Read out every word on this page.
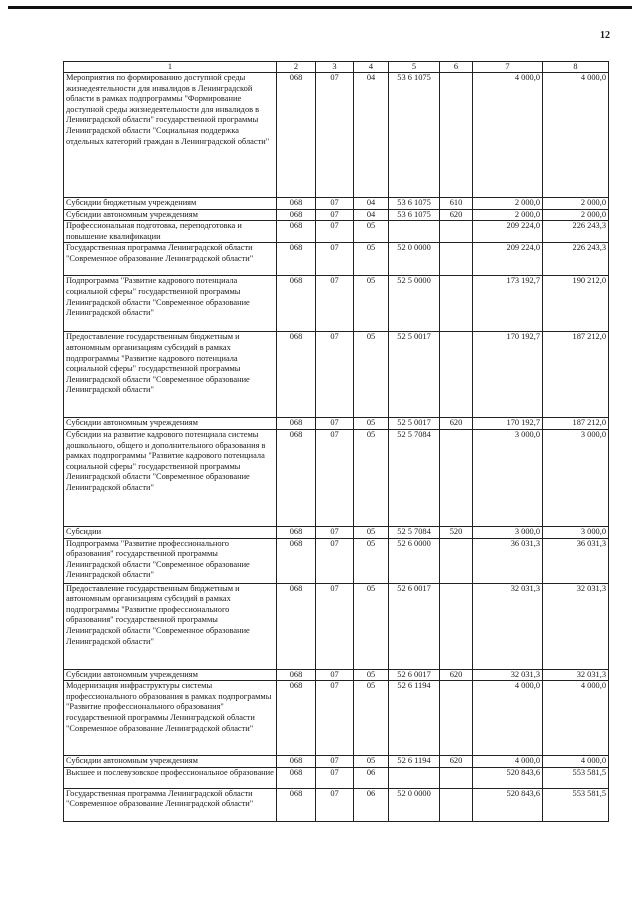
12
1	2	3	4	5	6	7	8
Мероприятия по формированию доступной среды жизнедеятельности для инвалидов в Ленинградской области в рамках подпрограммы "Формирование доступной среды жизнедеятельности для инвалидов в Ленинградской области" государственной программы Ленинградской области "Социальная поддержка отдельных категорий граждан в Ленинградской области"	068	07	04	53 6 1075		4 000,0	4 000,0
Субсидии бюджетным учреждениям	068	07	04	53 6 1075	610	2 000,0	2 000,0
Субсидии автономным учреждениям	068	07	04	53 6 1075	620	2 000,0	2 000,0
Профессиональная подготовка, переподготовка и повышение квалификации	068	07	05			209 224,0	226 243,3
Государственная программа Ленинградской области "Современное образование Ленинградской области"	068	07	05	52 0 0000		209 224,0	226 243,3
Подпрограмма "Развитие кадрового потенциала социальной сферы" государственной программы Ленинградской области "Современное образование Ленинградской области"	068	07	05	52 5 0000		173 192,7	190 212,0
Предоставление государственным бюджетным и автономным организациям субсидий в рамках подпрограммы "Развитие кадрового потенциала социальной сферы" государственной программы Ленинградской области "Современное образование Ленинградской области"	068	07	05	52 5 0017		170 192,7	187 212,0
Субсидии автономным учреждениям	068	07	05	52 5 0017	620	170 192,7	187 212,0
Субсидии на развитие кадрового потенциала системы дошкольного, общего и дополнительного образования в рамках подпрограммы "Развитие кадрового потенциала социальной сферы" государственной программы Ленинградской области "Современное образование Ленинградской области"	068	07	05	52 5 7084		3 000,0	3 000,0
Субсидии	068	07	05	52 5 7084	520	3 000,0	3 000,0
Подпрограмма "Развитие профессионального образования" государственной программы Ленинградской области "Современное образование Ленинградской области"	068	07	05	52 6 0000		36 031,3	36 031,3
Предоставление государственным бюджетным и автономным организациям субсидий в рамках подпрограммы "Развитие профессионального образования" государственной программы Ленинградской области "Современное образование Ленинградской области"	068	07	05	52 6 0017		32 031,3	32 031,3
Субсидии автономным учреждениям	068	07	05	52 6 0017	620	32 031,3	32 031,3
Модернизация инфраструктуры системы профессионального образования в рамках подпрограммы "Развитие профессионального образования" государственной программы Ленинградской области "Современное образование Ленинградской области"	068	07	05	52 6 1194		4 000,0	4 000,0
Субсидии автономным учреждениям	068	07	05	52 6 1194	620	4 000,0	4 000,0
Высшее и послевузовское профессиональное образование	068	07	06			520 843,6	553 581,5
Государственная программа Ленинградской области "Современное образование Ленинградской области"	068	07	06	52 0 0000		520 843,6	553 581,5
